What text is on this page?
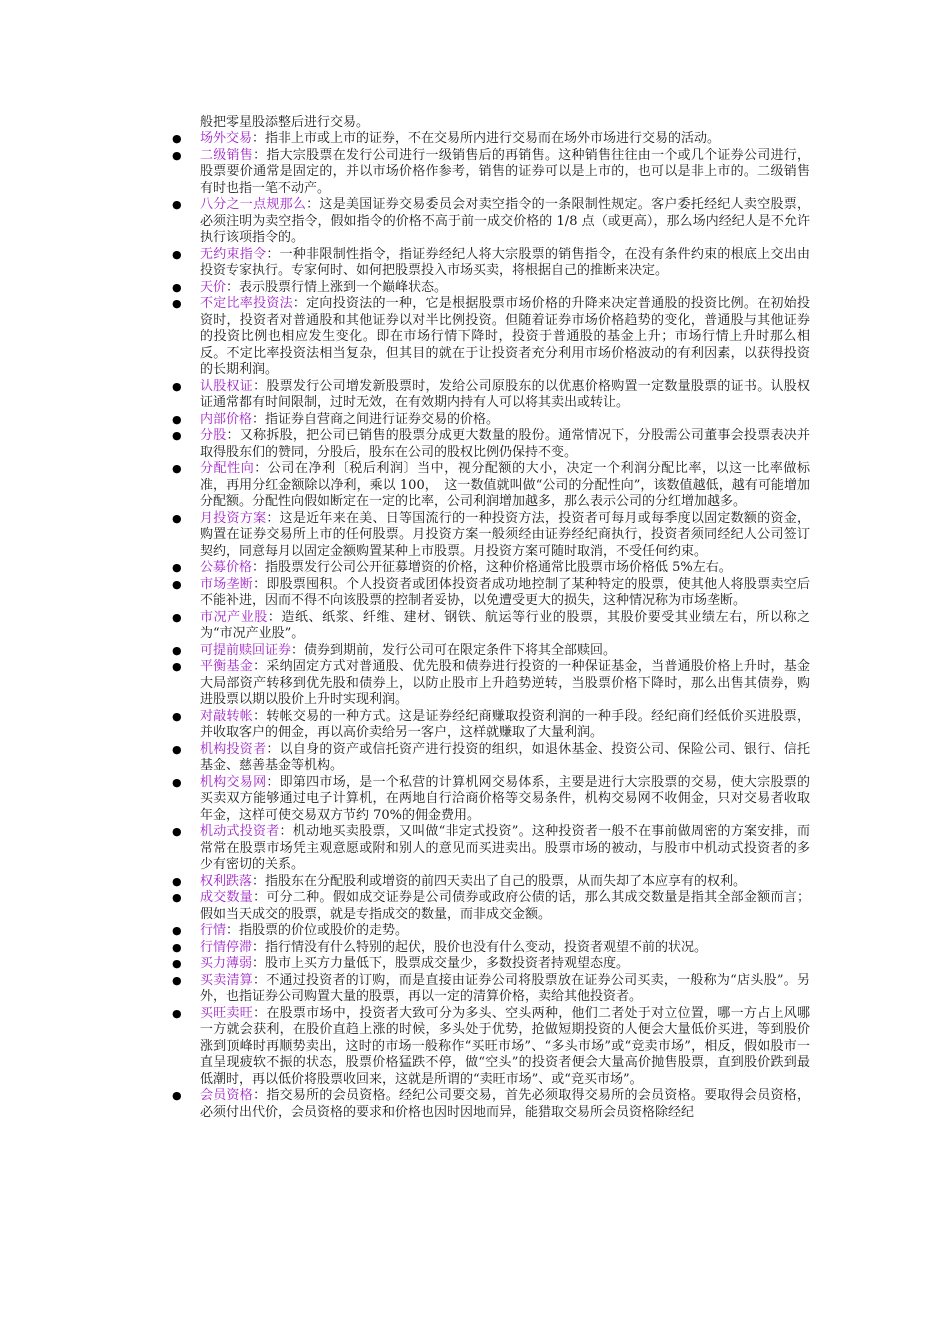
般把零星股添整后进行交易。
● 场外交易：指非上市或上市的证券，不在交易所内进行交易而在场外市场进行交易的活动。
● 二级销售：指大宗股票在发行公司进行一级销售后的再销售。这种销售往往由一个或几个证券公司进行，股票要价通常是固定的，并以市场价格作参考，销售的证券可以是上市的，也可以是非上市的。二级销售有时也指一笔不动产。
● 八分之一点规那么：这是美国证券交易委员会对卖空指令的一条限制性规定。客户委托经纪人卖空股票，必须注明为卖空指令，假如指令的价格不高于前一成交价格的 1/8 点（或更高），那么场内经纪人是不允许执行该项指令的。
● 无约束指令：一种非限制性指令，指证券经纪人将大宗股票的销售指令，在没有条件约束的根底上交出由投资专家执行。专家何时、如何把股票投入市场买卖，将根据自己的推断来决定。
● 天价：表示股票行情上涨到一个巅峰状态。
● 不定比率投资法：定向投资法的一种，它是根据股票市场价格的升降来决定普通股的投资比例。在初始投资时，投资者对普通股和其他证券以对半比例投资。但随着证券市场价格趋势的变化，普通股与其他证券的投资比例也相应发生变化。即在市场行情下降时，投资于普通股的基金上升；市场行情上升时那么相反。不定比率投资法相当复杂，但其目的就在于让投资者充分利用市场价格波动的有利因素，以获得投资的长期利润。
● 认股权证：股票发行公司增发新股票时，发给公司原股东的以优惠价格购置一定数量股票的证书。认股权证通常都有时间限制，过时无效，在有效期内持有人可以将其卖出或转让。
● 内部价格：指证券自营商之间进行证券交易的价格。
● 分股：又称拆股，把公司已销售的股票分成更大数量的股份。通常情况下，分股需公司董事会投票表决并取得股东们的赞同，分股后，股东在公司的股权比例仍保持不变。
● 分配性向：公司在净利〔税后利润〕当中，视分配额的大小，决定一个利润分配比率，以这一比率做标准，再用分红金额除以净利，乘以 100，　这一数值就叫做“公司的分配性向”，该数值越低，越有可能增加分配额。分配性向假如断定在一定的比率，公司利润增加越多，那么表示公司的分红增加越多。
● 月投资方案：这是近年来在美、日等国流行的一种投资方法，投资者可每月或每季度以固定数额的资金，购置在证券交易所上市的任何股票。月投资方案一般须经由证券经纪商执行，投资者须同经纪人公司签订契约，同意每月以固定金额购置某种上市股票。月投资方案可随时取消，不受任何约束。
● 公募价格：指股票发行公司公开征募增资的价格，这种价格通常比股票市场价格低 5%左右。
● 市场垄断：即股票囤积。个人投资者或团体投资者成功地控制了某种特定的股票，使其他人将股票卖空后不能补进，因而不得不向该股票的控制者妥协，以免遭受更大的损失，这种情况称为市场垄断。
● 市况产业股：造纸、纸浆、纤维、建材、钢铁、航运等行业的股票，其股价要受其业绩左右，所以称之为“市况产业股”。
● 可提前赎回证券：债券到期前，发行公司可在限定条件下将其全部赎回。
● 平衡基金：采纳固定方式对普通股、优先股和债券进行投资的一种保证基金，当普通股价格上升时，基金大局部资产转移到优先股和债券上，以防止股市上升趋势逆转，当股票价格下降时，那么出售其债券，购进股票以期以股价上升时实现利润。
● 对敲转帐：转帐交易的一种方式。这是证券经纪商赚取投资利润的一种手段。经纪商们经低价买进股票，并收取客户的佣金，再以高价卖给另一客户，这样就赚取了大量利润。
● 机构投资者：以自身的资产或信托资产进行投资的组织，如退休基金、投资公司、保险公司、银行、信托基金、慈善基金等机构。
● 机构交易网：即第四市场，是一个私营的计算机网交易体系，主要是进行大宗股票的交易，使大宗股票的买卖双方能够通过电子计算机，在两地自行洽商价格等交易条件，机构交易网不收佣金，只对交易者收取年金，这样可使交易双方节约 70%的佣金费用。
● 机动式投资者：机动地买卖股票，又叫做“非定式投资”。这种投资者一般不在事前做周密的方案安排，而常常在股票市场凭主观意愿或附和别人的意见而买进卖出。股票市场的被动，与股市中机动式投资者的多少有密切的关系。
● 权利跌落：指股东在分配股利或增资的前四天卖出了自己的股票，从而失却了本应享有的权利。
● 成交数量：可分二种。假如成交证券是公司债券或政府公债的话，那么其成交数量是指其全部金额而言；假如当天成交的股票，就是专指成交的数量，而非成交金额。
● 行情：指股票的价位或股价的走势。
● 行情停滞：指行情没有什么特别的起伏，股价也没有什么变动，投资者观望不前的状况。
● 买力薄弱：股市上买方力量低下，股票成交量少，多数投资者持观望态度。
● 买卖清算：不通过投资者的订购，而是直接由证券公司将股票放在证券公司买卖，一般称为“店头股”。另外，也指证券公司购置大量的股票，再以一定的清算价格，卖给其他投资者。
● 买旺卖旺：在股票市场中，投资者大致可分为多头、空头两种，他们二者处于对立位置，哪一方占上风哪一方就会获利，在股价直趋上涨的时候，多头处于优势，抢做短期投资的人便会大量低价买进，等到股价涨到顶峰时再顺势卖出，这时的市场一般称作“买旺市场”、“多头市场”或“竞卖市场”，相反，假如股市一直呈现疲软不振的状态，股票价格猛跌不停，做“空头”的投资者便会大量高价抛售股票，直到股价跌到最低潮时，再以低价将股票收回来，这就是所谓的“卖旺市场”、或“竞买市场”。
● 会员资格：指交易所的会员资格。经纪公司要交易，首先必须取得交易所的会员资格。要取得会员资格，必须付出代价，会员资格的要求和价格也因时因地而异，能猎取交易所会员资格除经纪
